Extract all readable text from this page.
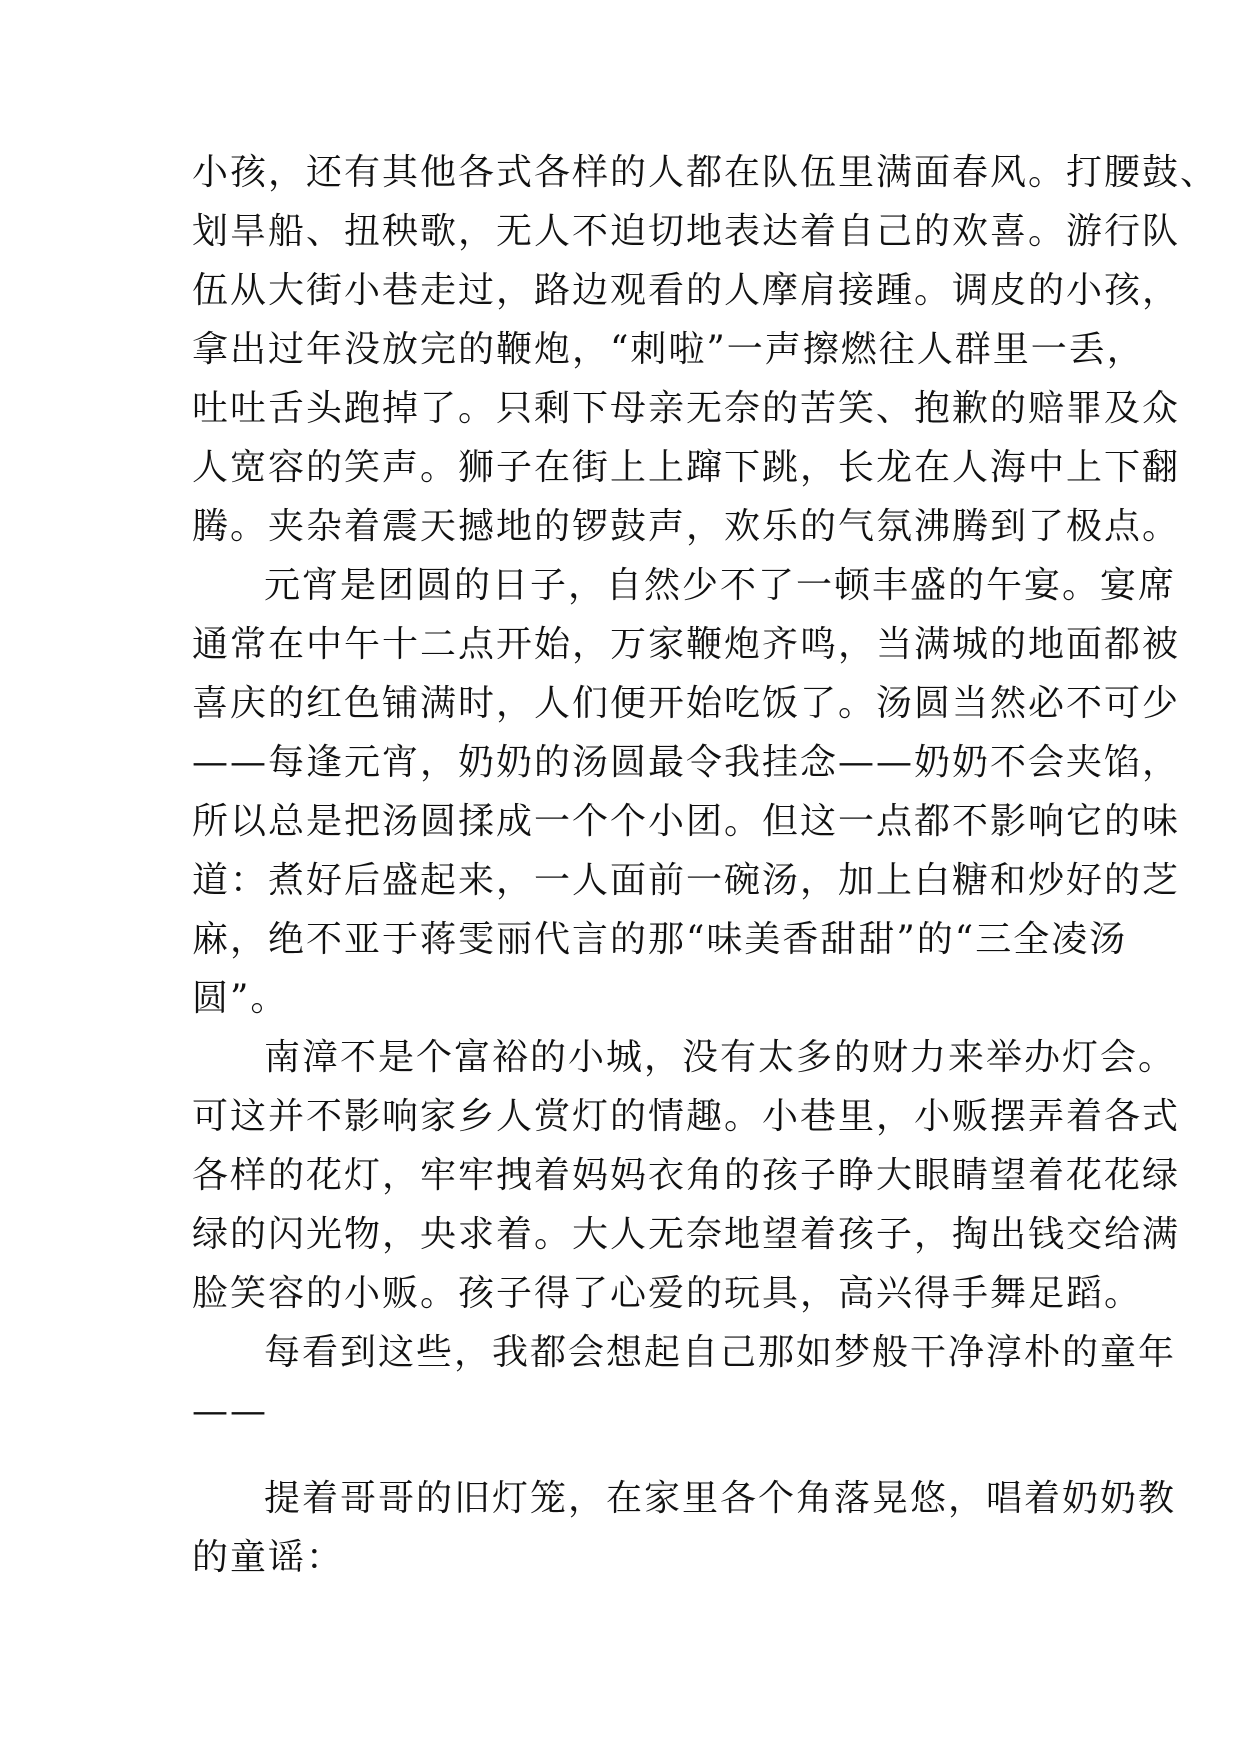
小孩，还有其他各式各样的人都在队伍里满面春风。打腰鼓、
划旱船、扭秧歌，无人不迫切地表达着自己的欢喜。游行队
伍从大街小巷走过，路边观看的人摩肩接踵。调皮的小孩，
拿出过年没放完的鞭炮，“刺啦”一声擦燃往人群里一丢，
吐吐舌头跑掉了。只剩下母亲无奈的苦笑、抱歉的赔罪及众
人宽容的笑声。狮子在街上上蹿下跳，长龙在人海中上下翻
腾。夹杂着震天撼地的锣鼓声，欢乐的气氛沸腾到了极点。
元宵是团圆的日子，自然少不了一顿丰盛的午宴。宴席
通常在中午十二点开始，万家鞭炮齐鸣，当满城的地面都被
喜庆的红色铺满时，人们便开始吃饭了。汤圆当然必不可少
——每逢元宵，奶奶的汤圆最令我挂念——奶奶不会夹馅，
所以总是把汤圆揉成一个个小团。但这一点都不影响它的味
道：煮好后盛起来，一人面前一碗汤，加上白糖和炒好的芝
麻，绝不亚于蒋雯丽代言的那“味美香甜甜”的“三全凌汤
圆”。
南漳不是个富裕的小城，没有太多的财力来举办灯会。
可这并不影响家乡人赏灯的情趣。小巷里，小贩摆弄着各式
各样的花灯，牢牢拽着妈妈衣角的孩子睁大眼睛望着花花绿
绿的闪光物，央求着。大人无奈地望着孩子，掏出钱交给满
脸笑容的小贩。孩子得了心爱的玩具，高兴得手舞足蹈。
每看到这些，我都会想起自己那如梦般干净淳朴的童年
——
提着哥哥的旧灯笼，在家里各个角落晃悠，唱着奶奶教
的童谣：
